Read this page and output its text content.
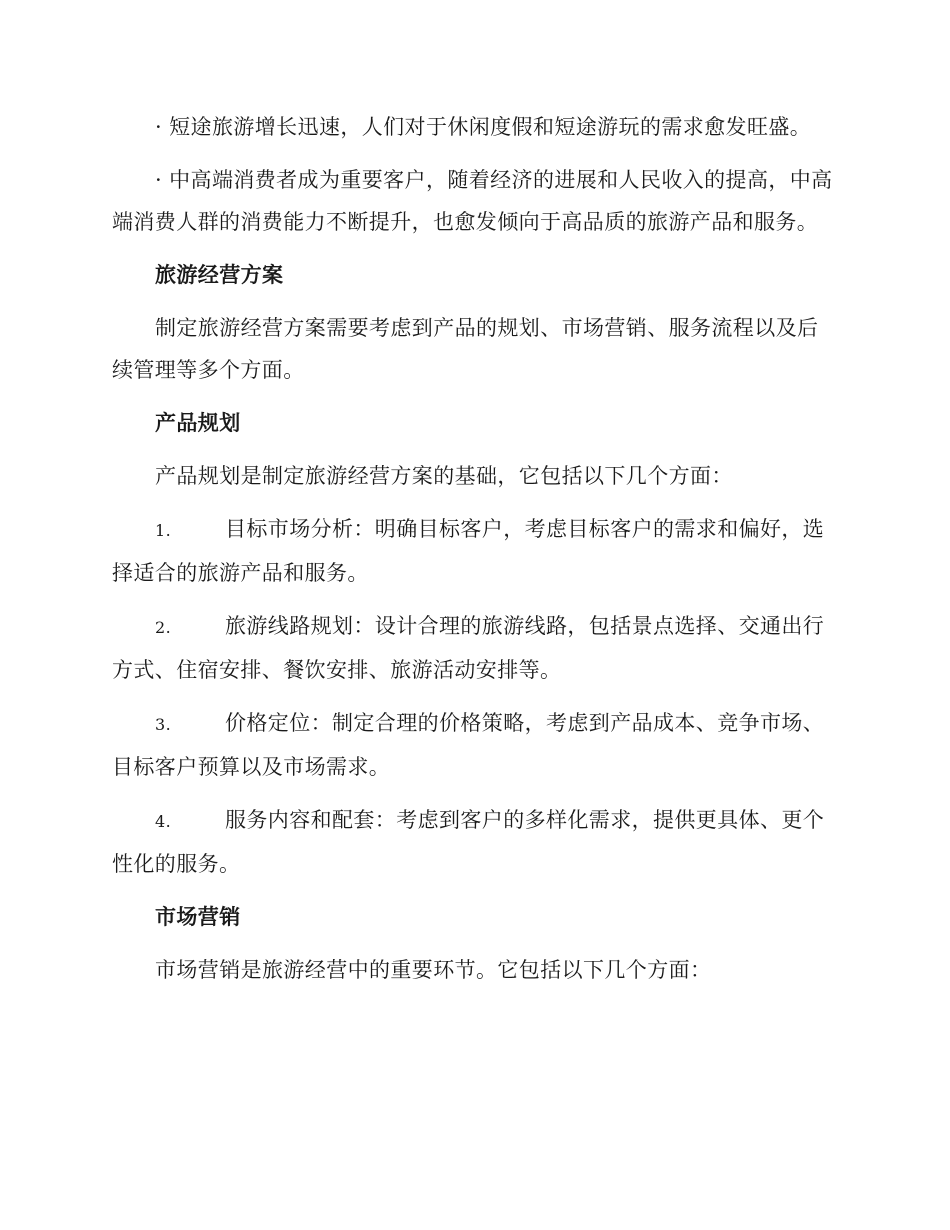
· 短途旅游增长迅速，人们对于休闲度假和短途游玩的需求愈发旺盛。

· 中高端消费者成为重要客户，随着经济的进展和人民收入的提高，中高端消费人群的消费能力不断提升，也愈发倾向于高品质的旅游产品和服务。

旅游经营方案

制定旅游经营方案需要考虑到产品的规划、市场营销、服务流程以及后续管理等多个方面。

产品规划

产品规划是制定旅游经营方案的基础，它包括以下几个方面：

1.	目标市场分析：明确目标客户，考虑目标客户的需求和偏好，选择适合的旅游产品和服务。

2.	旅游线路规划：设计合理的旅游线路，包括景点选择、交通出行方式、住宿安排、餐饮安排、旅游活动安排等。

3.	价格定位：制定合理的价格策略，考虑到产品成本、竞争市场、目标客户预算以及市场需求。

4.	服务内容和配套：考虑到客户的多样化需求，提供更具体、更个性化的服务。

市场营销

市场营销是旅游经营中的重要环节。它包括以下几个方面：
